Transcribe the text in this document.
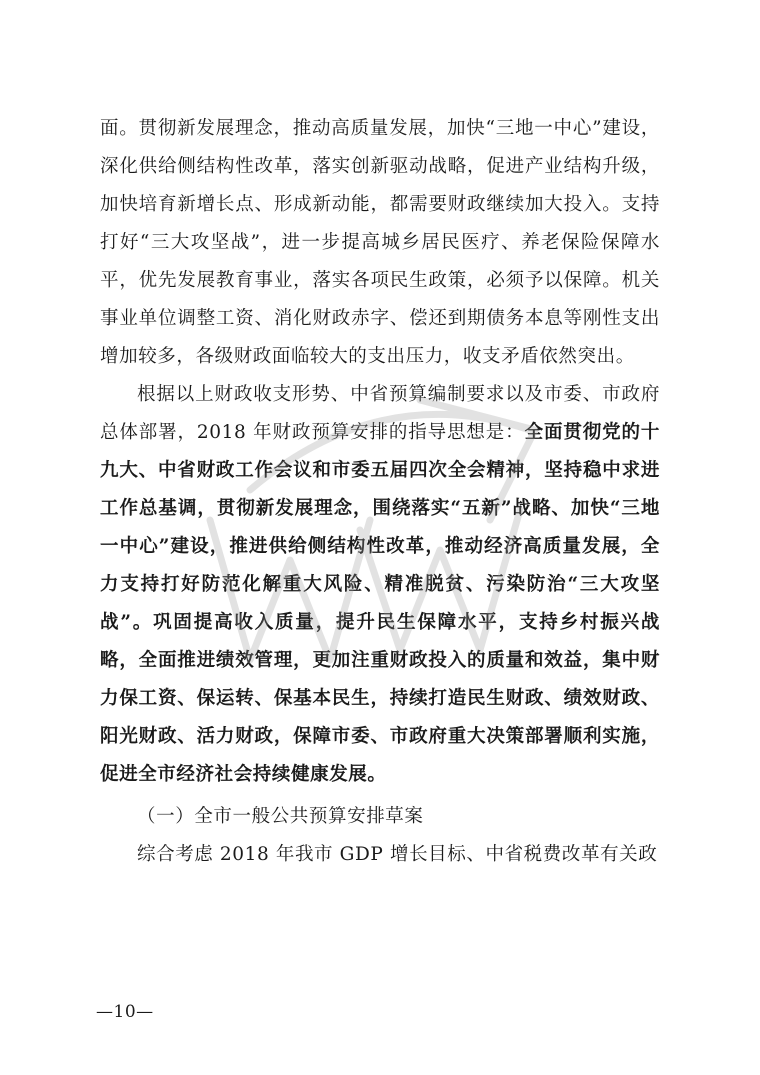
面。贯彻新发展理念，推动高质量发展，加快“三地一中心”建设，深化供给侧结构性改革，落实创新驱动战略，促进产业结构升级，加快培育新增长点、形成新动能，都需要财政继续加大投入。支持打好“三大攻坚战”，进一步提高城乡居民医疗、养老保险保障水平，优先发展教育事业，落实各项民生政策，必须予以保障。机关事业单位调整工资、消化财政赤字、偿还到期债务本息等刚性支出增加较多，各级财政面临较大的支出压力，收支矛盾依然突出。

根据以上财政收支形势、中省预算编制要求以及市委、市政府总体部署，2018 年财政预算安排的指导思想是：全面贯彻党的十九大、中省财政工作会议和市委五届四次全会精神，坚持稳中求进工作总基调，贯彻新发展理念，围绕落实“五新”战略、加快“三地一中心”建设，推进供给侧结构性改革，推动经济高质量发展，全力支持打好防范化解重大风险、精准脱贫、污染防治“三大攻坚战”。巩固提高收入质量，提升民生保障水平，支持乡村振兴战略，全面推进绩效管理，更加注重财政投入的质量和效益，集中财力保工资、保运转、保基本民生，持续打造民生财政、绩效财政、阳光财政、活力财政，保障市委、市政府重大决策部署顺利实施，促进全市经济社会持续健康发展。

（一）全市一般公共预算安排草案

综合考虑 2018 年我市 GDP 增长目标、中省税费改革有关政

—10—
